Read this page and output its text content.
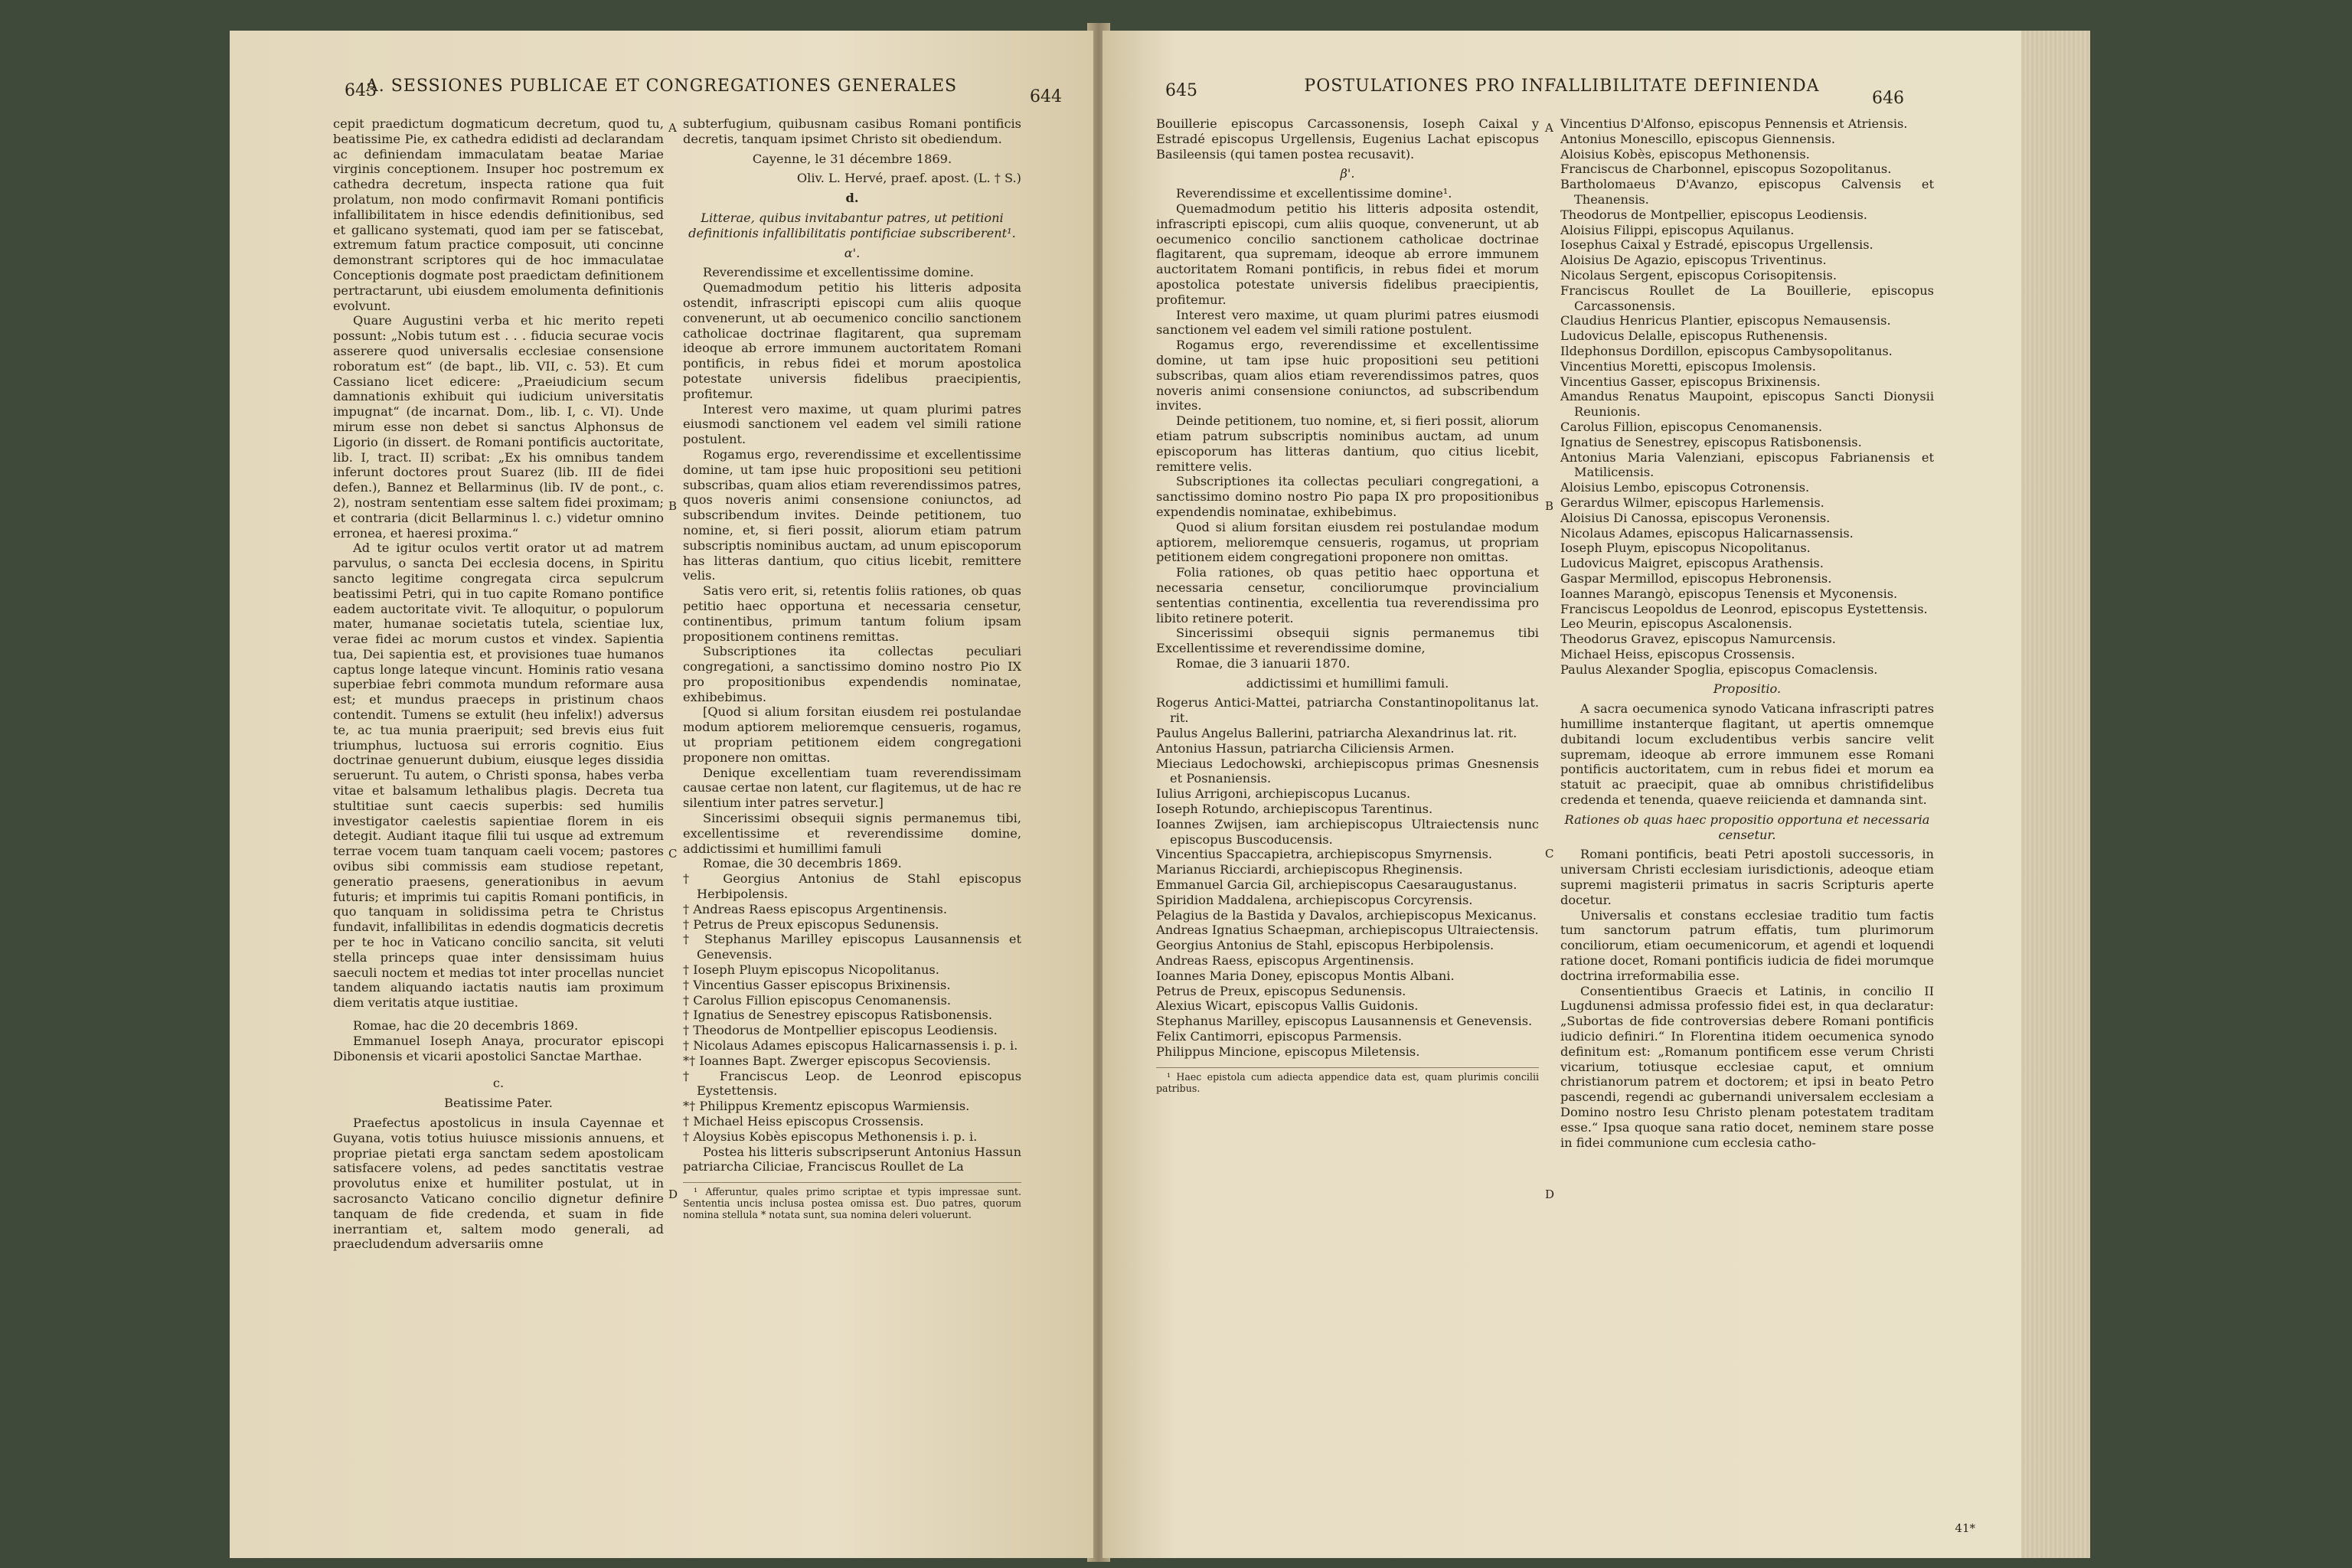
643
A. SESSIONES PUBLICAE ET CONGREGATIONES GENERALES
644

cepit praedictum dogmaticum decretum, quod tu, beatissime Pie, ex cathedra edidisti ad declarandam ac definiendam immaculatam beatae Mariae virginis conceptionem. Insuper hoc postremum ex cathedra decretum, inspecta ratione qua fuit prolatum, non modo confirmavit Romani pontificis infallibilitatem in hisce edendis definitionibus, sed et gallicano systemati, quod iam per se fatiscebat, extremum fatum practice composuit, uti concinne demonstrant scriptores qui de hoc immaculatae Conceptionis dogmate post praedictam definitionem pertractarunt, ubi eiusdem emolumenta definitionis evolvunt.

Quare Augustini verba et hic merito repeti possunt: „Nobis tutum est . . . fiducia securae vocis asserere quod universalis ecclesiae consensione roboratum est“ (de bapt., lib. VII, c. 53). Et cum Cassiano licet edicere: „Praeiudicium secum damnationis exhibuit qui iudicium universitatis impugnat“ (de incarnat. Dom., lib. I, c. VI). Unde mirum esse non debet si sanctus Alphonsus de Ligorio (in dissert. de Romani pontificis auctoritate, lib. I, tract. II) scribat: „Ex his omnibus tandem inferunt doctores prout Suarez (lib. III de fidei defen.), Bannez et Bellarminus (lib. IV de pont., c. 2), nostram sententiam esse saltem fidei proximam; et contraria (dicit Bellarminus l. c.) videtur omnino erronea, et haeresi proxima.“

Ad te igitur oculos vertit orator ut ad matrem parvulus, o sancta Dei ecclesia docens, in Spiritu sancto legitime congregata circa sepulcrum beatissimi Petri, qui in tuo capite Romano pontifice eadem auctoritate vivit. Te alloquitur, o populorum mater, humanae societatis tutela, scientiae lux, verae fidei ac morum custos et vindex. Sapientia tua, Dei sapientia est, et provisiones tuae humanos captus longe lateque vincunt. Hominis ratio vesana superbiae febri commota mundum reformare ausa est; et mundus praeceps in pristinum chaos contendit. Tumens se extulit (heu infelix!) adversus te, ac tua munia praeripuit; sed brevis eius fuit triumphus, luctuosa sui erroris cognitio. Eius doctrinae genuerunt dubium, eiusque leges dissidia seruerunt. Tu autem, o Christi sponsa, habes verba vitae et balsamum lethalibus plagis. Decreta tua stultitiae sunt caecis superbis: sed humilis investigator caelestis sapientiae florem in eis detegit. Audiant itaque filii tui usque ad extremum terrae vocem tuam tanquam caeli vocem; pastores ovibus sibi commissis eam studiose repetant, generatio praesens, generationibus in aevum futuris; et imprimis tui capitis Romani pontificis, in quo tanquam in solidissima petra te Christus fundavit, infallibilitas in edendis dogmaticis decretis per te hoc in Vaticano concilio sancita, sit veluti stella princeps quae inter densissimam huius saeculi noctem et medias tot inter procellas nunciet tandem aliquando iactatis nautis iam proximum diem veritatis atque iustitiae.

Romae, hac die 20 decembris 1869.

Emmanuel Ioseph Anaya, procurator episcopi Dibonensis et vicarii apostolici Sanctae Marthae.

c.

Beatissime Pater.

Praefectus apostolicus in insula Cayennae et Guyana, votis totius huiusce missionis annuens, et propriae pietati erga sanctam sedem apostolicam satisfacere volens, ad pedes sanctitatis vestrae provolutus enixe et humiliter postulat, ut in sacrosancto Vaticano concilio dignetur definire tanquam de fide credenda, et suam in fide inerrantiam et, saltem modo generali, ad praecludendum adversariis omne

A
B
C
D

subterfugium, quibusnam casibus Romani pontificis decretis, tanquam ipsimet Christo sit obediendum.

Cayenne, le 31 décembre 1869.

Oliv. L. Hervé, praef. apost. (L. † S.)

d.

Litterae, quibus invitabantur patres, ut petitioni definitionis infallibilitatis pontificiae subscriberent¹.

α'.

Reverendissime et excellentissime domine.

Quemadmodum petitio his litteris adposita ostendit, infrascripti episcopi cum aliis quoque convenerunt, ut ab oecumenico concilio sanctionem catholicae doctrinae flagitarent, qua supremam ideoque ab errore immunem auctoritatem Romani pontificis, in rebus fidei et morum apostolica potestate universis fidelibus praecipientis, profitemur.

Interest vero maxime, ut quam plurimi patres eiusmodi sanctionem vel eadem vel simili ratione postulent.

Rogamus ergo, reverendissime et excellentissime domine, ut tam ipse huic propositioni seu petitioni subscribas, quam alios etiam reverendissimos patres, quos noveris animi consensione coniunctos, ad subscribendum invites. Deinde petitionem, tuo nomine, et, si fieri possit, aliorum etiam patrum subscriptis nominibus auctam, ad unum episcoporum has litteras dantium, quo citius licebit, remittere velis.

Satis vero erit, si, retentis foliis rationes, ob quas petitio haec opportuna et necessaria censetur, continentibus, primum tantum folium ipsam propositionem continens remittas.

Subscriptiones ita collectas peculiari congregationi, a sanctissimo domino nostro Pio IX pro propositionibus expendendis nominatae, exhibebimus.

[Quod si alium forsitan eiusdem rei postulandae modum aptiorem melioremque censueris, rogamus, ut propriam petitionem eidem congregationi proponere non omittas.

Denique excellentiam tuam reverendissimam causae certae non latent, cur flagitemus, ut de hac re silentium inter patres servetur.]

Sincerissimi obsequii signis permanemus tibi, excellentissime et reverendissime domine, addictissimi et humillimi famuli

Romae, die 30 decembris 1869.

† Georgius Antonius de Stahl episcopus Herbipolensis.
† Andreas Raess episcopus Argentinensis.
† Petrus de Preux episcopus Sedunensis.
† Stephanus Marilley episcopus Lausannensis et Genevensis.
† Ioseph Pluym episcopus Nicopolitanus.
† Vincentius Gasser episcopus Brixinensis.
† Carolus Fillion episcopus Cenomanensis.
† Ignatius de Senestrey episcopus Ratisbonensis.
† Theodorus de Montpellier episcopus Leodiensis.
† Nicolaus Adames episcopus Halicarnassensis i. p. i.
*† Ioannes Bapt. Zwerger episcopus Secoviensis.
† Franciscus Leop. de Leonrod episcopus Eystettensis.
*† Philippus Krementz episcopus Warmiensis.
† Michael Heiss episcopus Crossensis.
† Aloysius Kobès episcopus Methonensis i. p. i.

Postea his litteris subscripserunt Antonius Hassun patriarcha Ciliciae, Franciscus Roullet de La

¹ Afferuntur, quales primo scriptae et typis impressae sunt. Sententia uncis inclusa postea omissa est. Duo patres, quorum nomina stellula * notata sunt, sua nomina deleri voluerunt.

645	POSTULATIONES PRO INFALLIBILITATE DEFINIENDA
646

Bouillerie episcopus Carcassonensis, Ioseph Caixal y Estradé episcopus Urgellensis, Eugenius Lachat episcopus Basileensis (qui tamen postea recusavit).

β'.

Reverendissime et excellentissime domine¹.

Quemadmodum petitio his litteris adposita ostendit, infrascripti episcopi, cum aliis quoque, convenerunt, ut ab oecumenico concilio sanctionem catholicae doctrinae flagitarent, qua supremam, ideoque ab errore immunem auctoritatem Romani pontificis, in rebus fidei et morum apostolica potestate universis fidelibus praecipientis, profitemur.

Interest vero maxime, ut quam plurimi patres eiusmodi sanctionem vel eadem vel simili ratione postulent.

Rogamus ergo, reverendissime et excellentissime domine, ut tam ipse huic propositioni seu petitioni subscribas, quam alios etiam reverendissimos patres, quos noveris animi consensione coniunctos, ad subscribendum invites.

Deinde petitionem, tuo nomine, et, si fieri possit, aliorum etiam patrum subscriptis nominibus auctam, ad unum episcoporum has litteras dantium, quo citius licebit, remittere velis.

Subscriptiones ita collectas peculiari congregationi, a sanctissimo domino nostro Pio papa IX pro propositionibus expendendis nominatae, exhibebimus.

Quod si alium forsitan eiusdem rei postulandae modum aptiorem, melioremque censueris, rogamus, ut propriam petitionem eidem congregationi proponere non omittas.

Folia rationes, ob quas petitio haec opportuna et necessaria censetur, conciliorumque provincialium sententias continentia, excellentia tua reverendissima pro libito retinere poterit.

Sincerissimi obsequii signis permanemus tibi Excellentissime et reverendissime domine,

Romae, die 3 ianuarii 1870.

addictissimi et humillimi famuli.

Rogerus Antici-Mattei, patriarcha Constantinopolitanus lat. rit.
Paulus Angelus Ballerini, patriarcha Alexandrinus lat. rit.
Antonius Hassun, patriarcha Ciliciensis Armen.
Mieciaus Ledochowski, archiepiscopus primas Gnesnensis et Posnaniensis.
Iulius Arrigoni, archiepiscopus Lucanus.
Ioseph Rotundo, archiepiscopus Tarentinus.
Ioannes Zwijsen, iam archiepiscopus Ultraiectensis nunc episcopus Buscoducensis.
Vincentius Spaccapietra, archiepiscopus Smyrnensis.
Marianus Ricciardi, archiepiscopus Rheginensis.
Emmanuel Garcia Gil, archiepiscopus Caesaraugustanus.
Spiridion Maddalena, archiepiscopus Corcyrensis.
Pelagius de la Bastida y Davalos, archiepiscopus Mexicanus.
Andreas Ignatius Schaepman, archiepiscopus Ultraiectensis.
Georgius Antonius de Stahl, episcopus Herbipolensis.
Andreas Raess, episcopus Argentinensis.
Ioannes Maria Doney, episcopus Montis Albani.
Petrus de Preux, episcopus Sedunensis.
Alexius Wicart, episcopus Vallis Guidonis.
Stephanus Marilley, episcopus Lausannensis et Genevensis.
Felix Cantimorri, episcopus Parmensis.
Philippus Mincione, episcopus Miletensis.

¹ Haec epistola cum adiecta appendice data est, quam plurimis concilii patribus.

A
B
C
D
Vincentius D'Alfonso, episcopus Pennensis et Atriensis.
Antonius Monescillo, episcopus Giennensis.
Aloisius Kobès, episcopus Methonensis.
Franciscus de Charbonnel, episcopus Sozopolitanus.
Bartholomaeus D'Avanzo, episcopus Calvensis et Theanensis.
Theodorus de Montpellier, episcopus Leodiensis.
Aloisius Filippi, episcopus Aquilanus.
Iosephus Caixal y Estradé, episcopus Urgellensis.
Aloisius De Agazio, episcopus Triventinus.
Nicolaus Sergent, episcopus Corisopitensis.
Franciscus Roullet de La Bouillerie, episcopus Carcassonensis.
Claudius Henricus Plantier, episcopus Nemausensis.
Ludovicus Delalle, episcopus Ruthenensis.
Ildephonsus Dordillon, episcopus Cambysopolitanus.
Vincentius Moretti, episcopus Imolensis.
Vincentius Gasser, episcopus Brixinensis.
Amandus Renatus Maupoint, episcopus Sancti Dionysii Reunionis.
Carolus Fillion, episcopus Cenomanensis.
Ignatius de Senestrey, episcopus Ratisbonensis.
Antonius Maria Valenziani, episcopus Fabrianensis et Matilicensis.
Aloisius Lembo, episcopus Cotronensis.
Gerardus Wilmer, episcopus Harlemensis.
Aloisius Di Canossa, episcopus Veronensis.
Nicolaus Adames, episcopus Halicarnassensis.
Ioseph Pluym, episcopus Nicopolitanus.
Ludovicus Maigret, episcopus Arathensis.
Gaspar Mermillod, episcopus Hebronensis.
Ioannes Marangò, episcopus Tenensis et Myconensis.
Franciscus Leopoldus de Leonrod, episcopus Eystettensis.
Leo Meurin, episcopus Ascalonensis.
Theodorus Gravez, episcopus Namurcensis.
Michael Heiss, episcopus Crossensis.
Paulus Alexander Spoglia, episcopus Comaclensis.

Propositio.

A sacra oecumenica synodo Vaticana infrascripti patres humillime instanterque flagitant, ut apertis omnemque dubitandi locum excludentibus verbis sancire velit supremam, ideoque ab errore immunem esse Romani pontificis auctoritatem, cum in rebus fidei et morum ea statuit ac praecipit, quae ab omnibus christifidelibus credenda et tenenda, quaeve reiicienda et damnanda sint.

Rationes ob quas haec propositio opportuna et necessaria censetur.

Romani pontificis, beati Petri apostoli successoris, in universam Christi ecclesiam iurisdictionis, adeoque etiam supremi magisterii primatus in sacris Scripturis aperte docetur.

Universalis et constans ecclesiae traditio tum factis tum sanctorum patrum effatis, tum plurimorum conciliorum, etiam oecumenicorum, et agendi et loquendi ratione docet, Romani pontificis iudicia de fidei morumque doctrina irreformabilia esse.

Consentientibus Graecis et Latinis, in concilio II Lugdunensi admissa professio fidei est, in qua declaratur: „Subortas de fide controversias debere Romani pontificis iudicio definiri.“ In Florentina itidem oecumenica synodo definitum est: „Romanum pontificem esse verum Christi vicarium, totiusque ecclesiae caput, et omnium christianorum patrem et doctorem; et ipsi in beato Petro pascendi, regendi ac gubernandi universalem ecclesiam a Domino nostro Iesu Christo plenam potestatem traditam esse.“ Ipsa quoque sana ratio docet, neminem stare posse in fidei communione cum ecclesia catho-

41*
